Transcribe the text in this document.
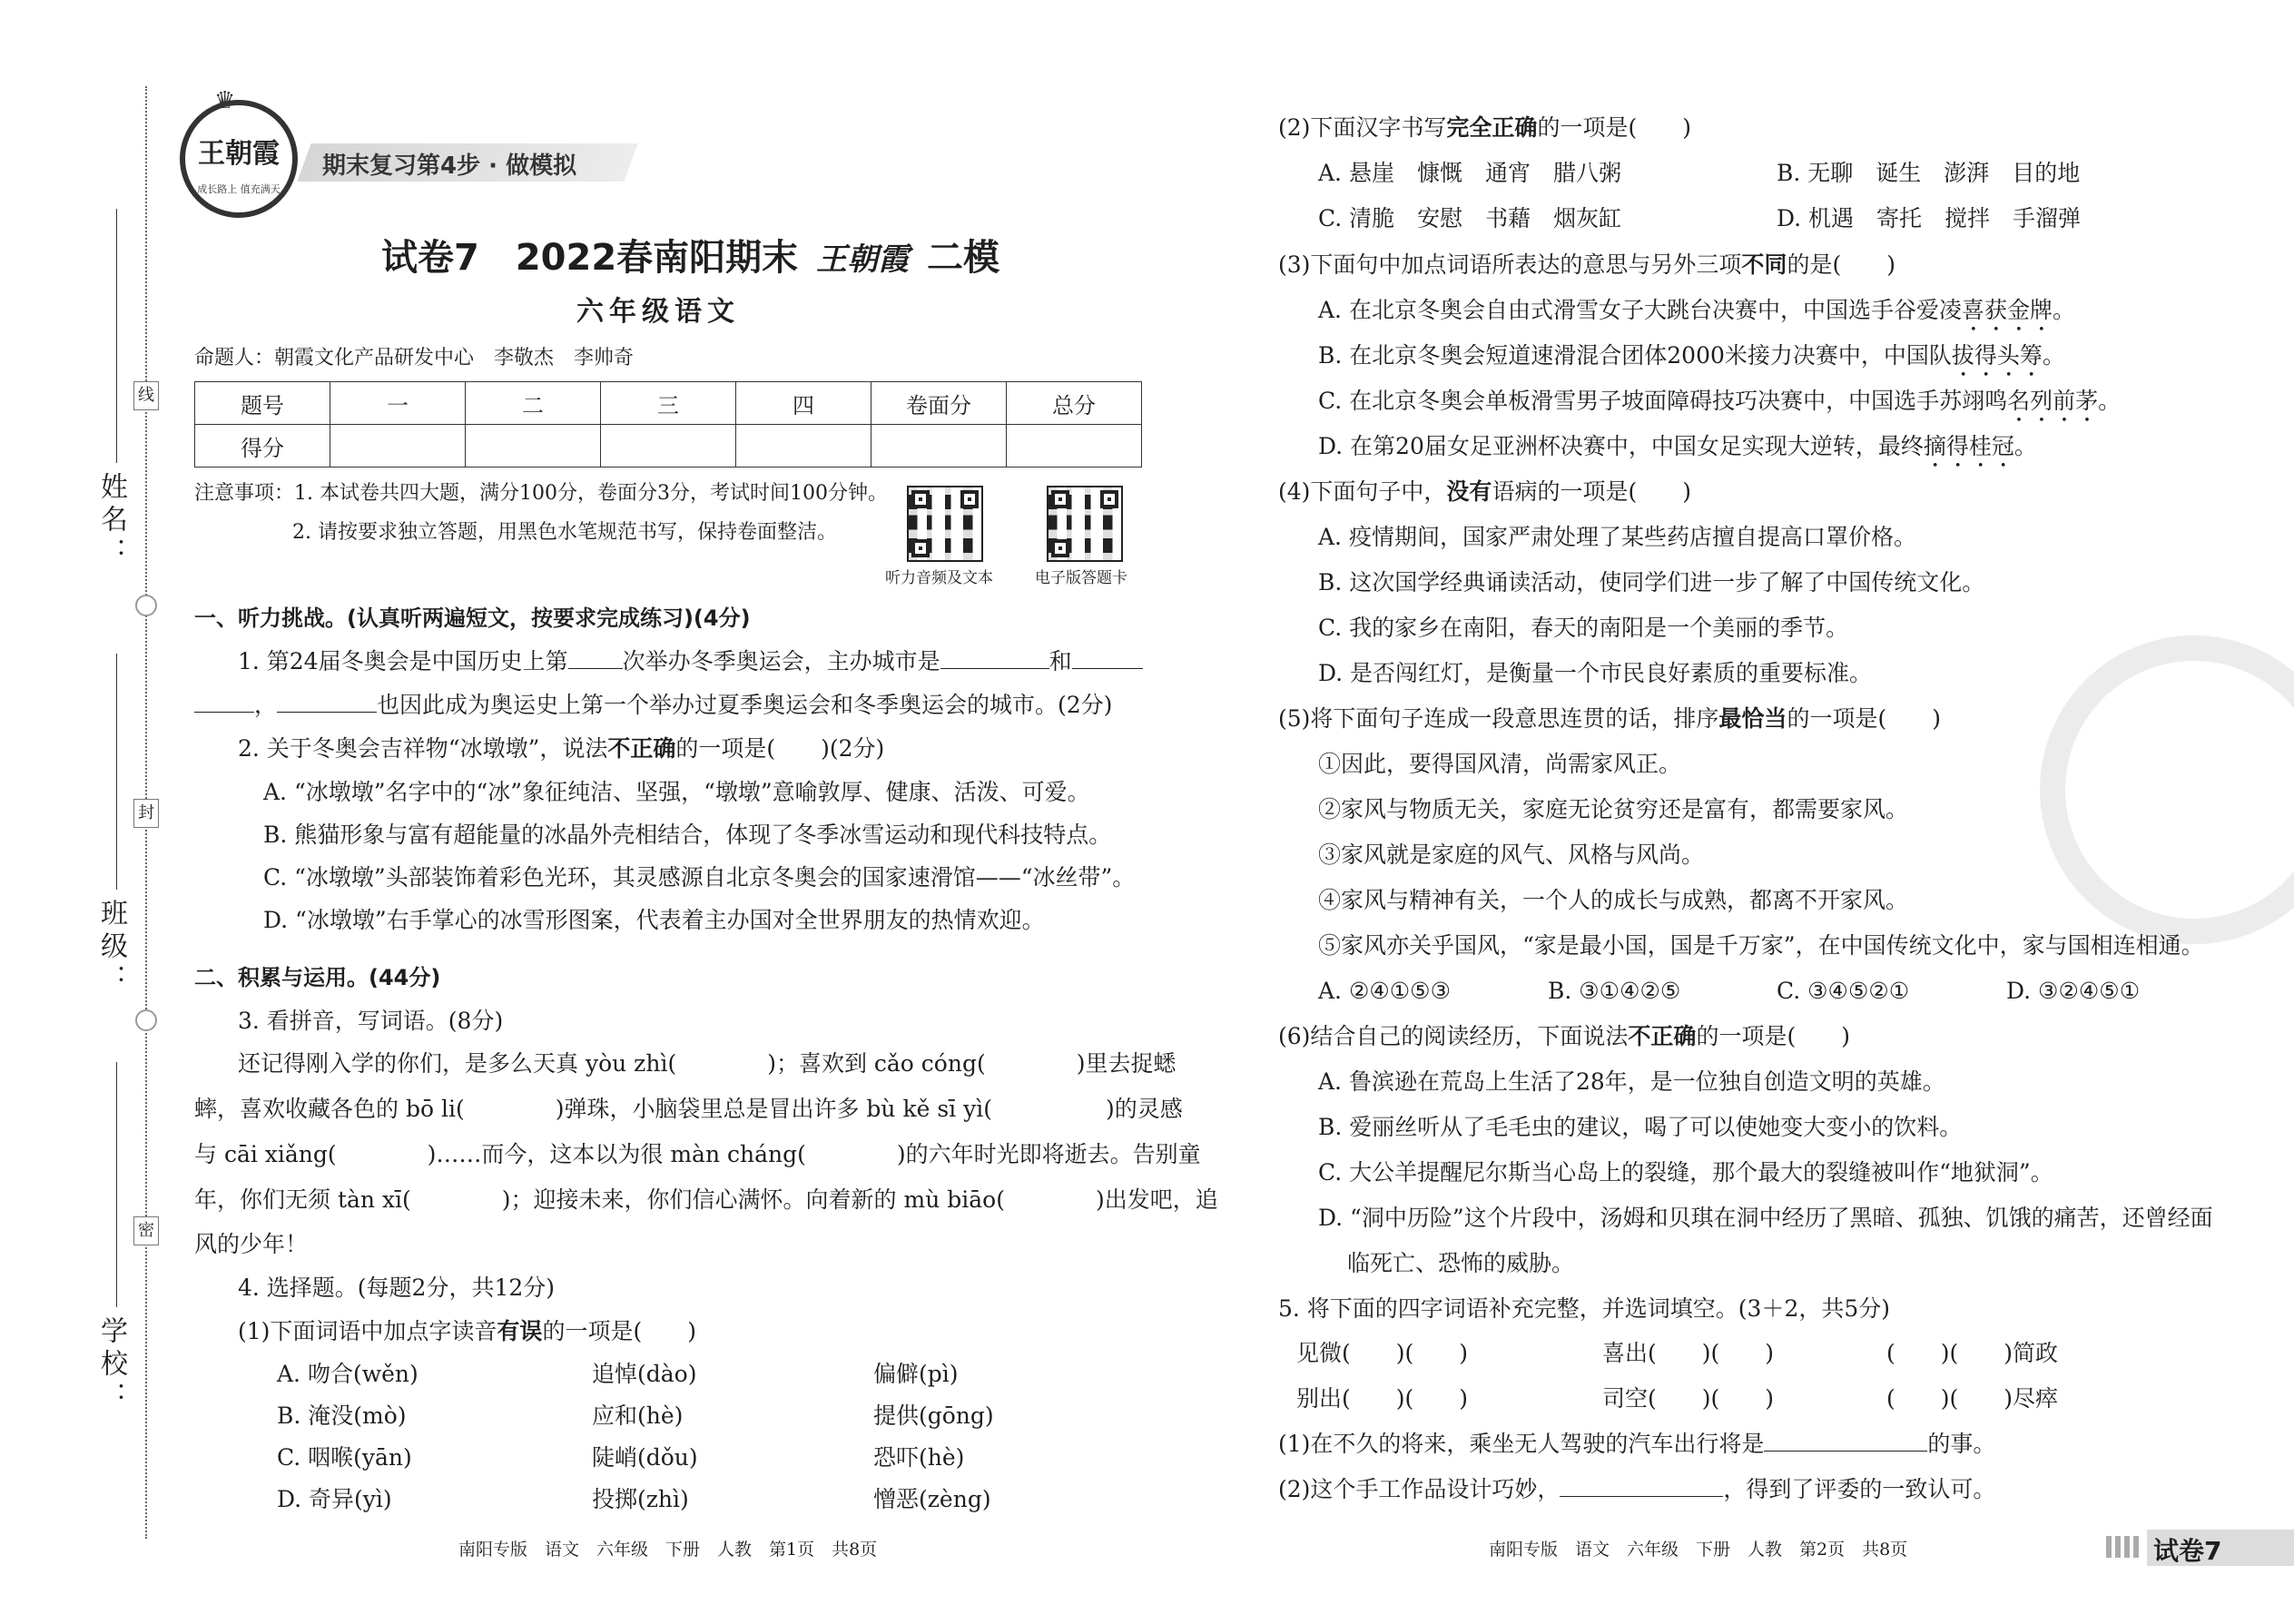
线
封
密
姓名：
班级：
学校：
王朝霞
成长路上 值充满天
♛
期末复习第4步 · 做模拟
试卷7　2022春南阳期末 王朝霞 二模
六年级语文
命题人：朝霞文化产品研发中心　李敬杰　李帅奇
题号	一	二	三	四	卷面分	总分
得分						
注意事项：1. 本试卷共四大题，满分100分，卷面分3分，考试时间100分钟。
2. 请按要求独立答题，用黑色水笔规范书写，保持卷面整洁。
听力音频及文本	电子版答题卡
一、听力挑战。(认真听两遍短文，按要求完成练习)(4分)
1. 第24届冬奥会是中国历史上第 次举办冬季奥运会，主办城市是	和
，	也因此成为奥运史上第一个举办过夏季奥运会和冬季奥运会的城市。(2分)
2. 关于冬奥会吉祥物“冰墩墩”，说法不正确的一项是(　　)(2分)
A. “冰墩墩”名字中的“冰”象征纯洁、坚强，“墩墩”意喻敦厚、健康、活泼、可爱。
B. 熊猫形象与富有超能量的冰晶外壳相结合，体现了冬季冰雪运动和现代科技特点。
C. “冰墩墩”头部装饰着彩色光环，其灵感源自北京冬奥会的国家速滑馆——“冰丝带”。
D. “冰墩墩”右手掌心的冰雪形图案，代表着主办国对全世界朋友的热情欢迎。
二、积累与运用。(44分)
3. 看拼音，写词语。(8分)
还记得刚入学的你们，是多么天真 yòu zhì(　　　　)；喜欢到 cǎo cóng(　　　　)里去捉蟋
蟀，喜欢收藏各色的 bō li(　　　　)弹珠，小脑袋里总是冒出许多 bù kě sī yì(　　　　　)的灵感
与 cāi xiǎng(　　　　)……而今，这本以为很 màn cháng(　　　　)的六年时光即将逝去。告别童
年，你们无须 tàn xī(　　　　)；迎接未来，你们信心满怀。向着新的 mù biāo(　　　　)出发吧，追
风的少年！
4. 选择题。(每题2分，共12分)
(1)下面词语中加点字读音有误的一项是(　　)
A. 吻合(wěn)	追悼(dào)	偏僻(pì)
B. 淹没(mò)	应和(hè)	提供(gōng)
C. 咽喉(yān)	陡峭(dǒu)	恐吓(hè)
D. 奇异(yì)	投掷(zhì)	憎恶(zèng)
南阳专版　语文　六年级　下册　人教　第1页　共8页
(2)下面汉字书写完全正确的一项是(　　)
A. 悬崖　慷慨　通宵　腊八粥	B. 无聊　诞生　澎湃　目的地
C. 清脆　安慰　书藉　烟灰缸	D. 机遇　寄托　搅拌　手溜弹
(3)下面句中加点词语所表达的意思与另外三项不同的是(　　)
A. 在北京冬奥会自由式滑雪女子大跳台决赛中，中国选手谷爱凌喜获金牌。
B. 在北京冬奥会短道速滑混合团体2000米接力决赛中，中国队拔得头筹。
C. 在北京冬奥会单板滑雪男子坡面障碍技巧决赛中，中国选手苏翊鸣名列前茅。
D. 在第20届女足亚洲杯决赛中，中国女足实现大逆转，最终摘得桂冠。
(4)下面句子中，没有语病的一项是(　　)
A. 疫情期间，国家严肃处理了某些药店擅自提高口罩价格。
B. 这次国学经典诵读活动，使同学们进一步了解了中国传统文化。
C. 我的家乡在南阳，春天的南阳是一个美丽的季节。
D. 是否闯红灯，是衡量一个市民良好素质的重要标准。
(5)将下面句子连成一段意思连贯的话，排序最恰当的一项是(　　)
①因此，要得国风清，尚需家风正。
②家风与物质无关，家庭无论贫穷还是富有，都需要家风。
③家风就是家庭的风气、风格与风尚。
④家风与精神有关，一个人的成长与成熟，都离不开家风。
⑤家风亦关乎国风，“家是最小国，国是千万家”，在中国传统文化中，家与国相连相通。
A. ②④①⑤③	B. ③①④②⑤	C. ③④⑤②①	D. ③②④⑤①
(6)结合自己的阅读经历，下面说法不正确的一项是(　　)
A. 鲁滨逊在荒岛上生活了28年，是一位独自创造文明的英雄。
B. 爱丽丝听从了毛毛虫的建议，喝了可以使她变大变小的饮料。
C. 大公羊提醒尼尔斯当心岛上的裂缝，那个最大的裂缝被叫作“地狱洞”。
D. “洞中历险”这个片段中，汤姆和贝琪在洞中经历了黑暗、孤独、饥饿的痛苦，还曾经面
临死亡、恐怖的威胁。
5. 将下面的四字词语补充完整，并选词填空。(3＋2，共5分)
见微(　　)(　　)	喜出(　　)(　　)	(　　)(　　)简政
别出(　　)(　　)	司空(　　)(　　)	(　　)(　　)尽瘁
(1)在不久的将来，乘坐无人驾驶的汽车出行将是	的事。
(2)这个手工作品设计巧妙，	，得到了评委的一致认可。
南阳专版　语文　六年级　下册　人教　第2页　共8页	试卷7
